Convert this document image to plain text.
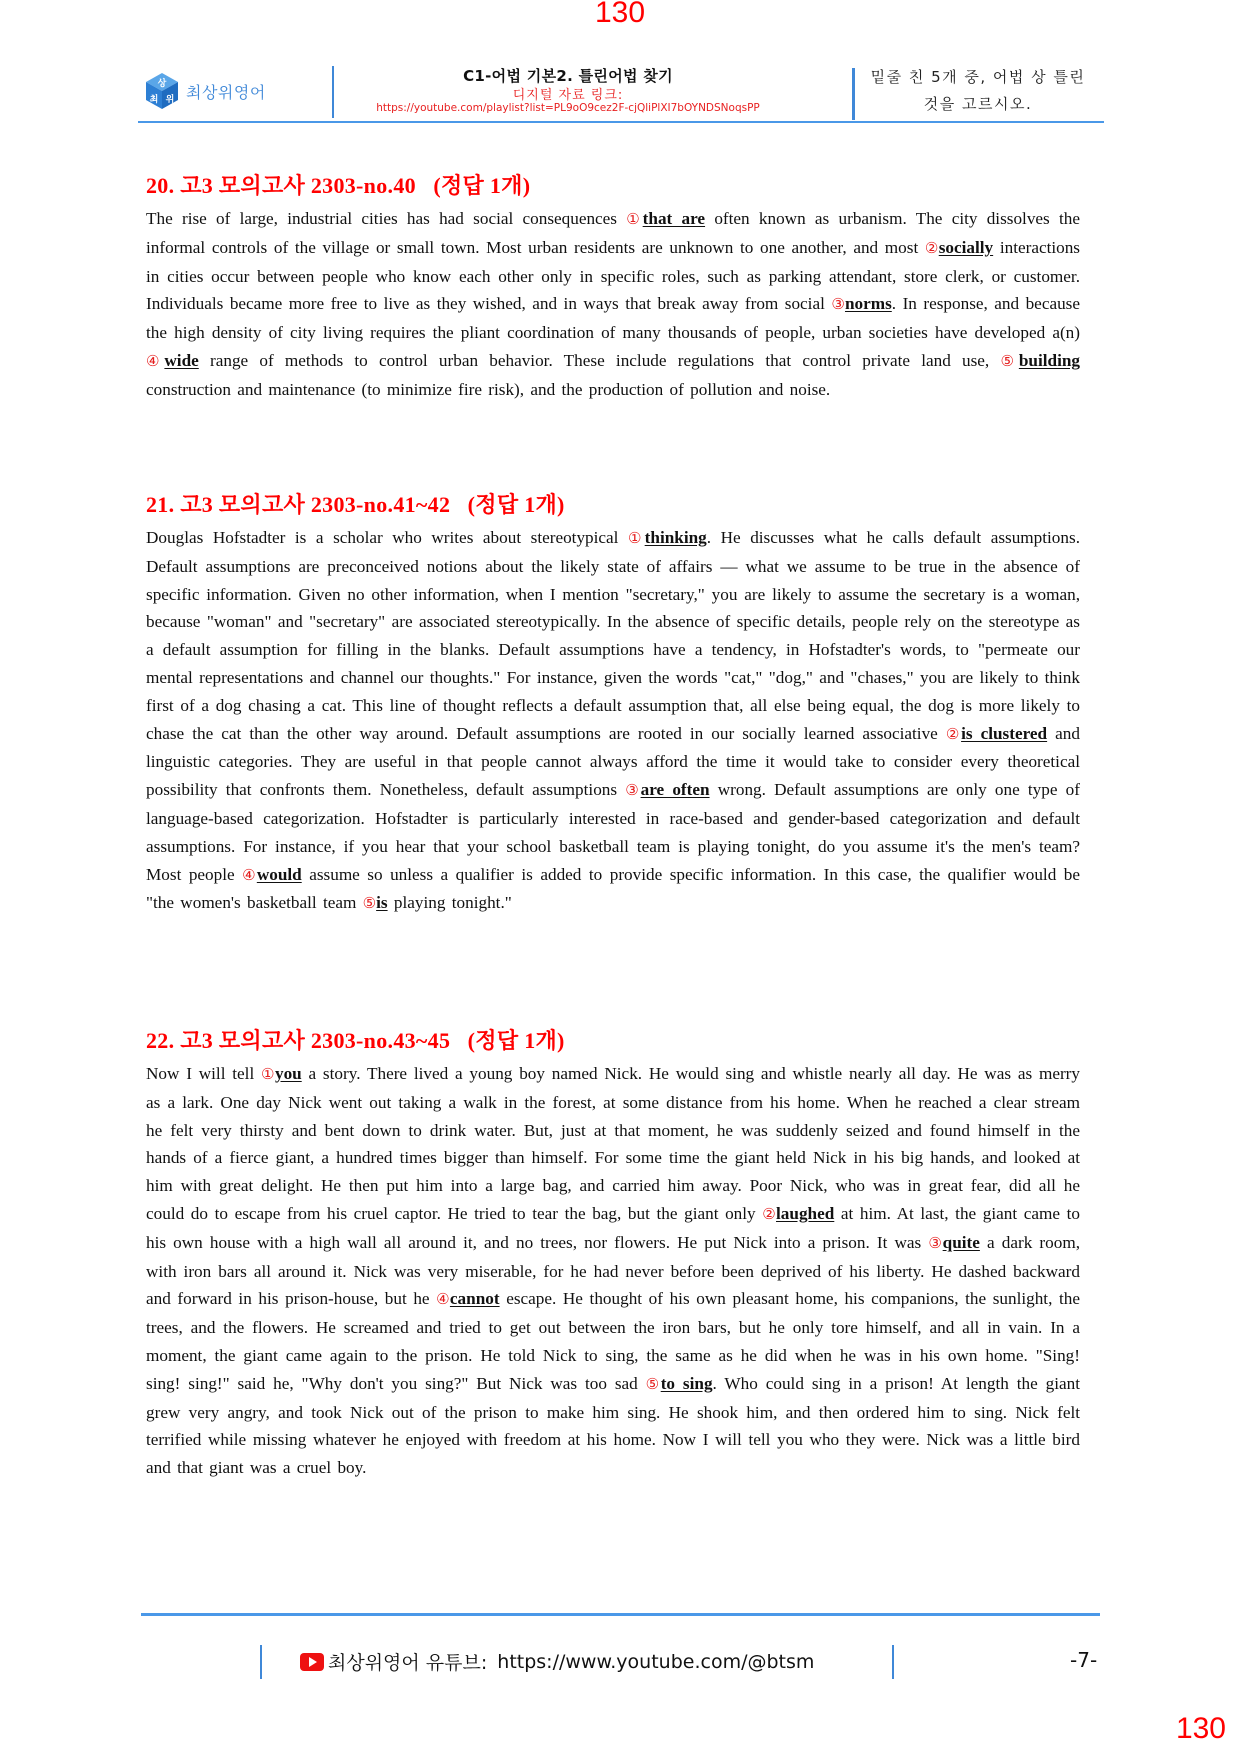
130
상
최 위 최상위영어
C1-어법 기본2. 틀린어법 찾기
디지털 자료 링크:
https://youtube.com/playlist?list=PL9oO9cez2F-cjQliPlXI7bOYNDSNoqsPP
밑줄 친 5개 중, 어법 상 틀린
것을 고르시오.
20. 고3 모의고사 2303-no.40   (정답 1개)

The rise of large, industrial cities has had social consequences ①that are often known as urbanism. The city dissolves the informal controls of the village or small town. Most urban residents are unknown to one another, and most ②socially interactions in cities occur between people who know each other only in specific roles, such as parking attendant, store clerk, or customer. Individuals became more free to live as they wished, and in ways that break away from social ③norms. In response, and because the high density of city living requires the pliant coordination of many thousands of people, urban societies have developed a(n) ④wide range of methods to control urban behavior. These include regulations that control private land use, ⑤building construction and maintenance (to minimize fire risk), and the production of pollution and noise.

21. 고3 모의고사 2303-no.41~42   (정답 1개)

Douglas Hofstadter is a scholar who writes about stereotypical ①thinking. He discusses what he calls default assumptions. Default assumptions are preconceived notions about the likely state of affairs — what we assume to be true in the absence of specific information. Given no other information, when I mention "secretary," you are likely to assume the secretary is a woman, because "woman" and "secretary" are associated stereotypically. In the absence of specific details, people rely on the stereotype as a default assumption for filling in the blanks. Default assumptions have a tendency, in Hofstadter's words, to "permeate our mental representations and channel our thoughts." For instance, given the words "cat," "dog," and "chases," you are likely to think first of a dog chasing a cat. This line of thought reflects a default assumption that, all else being equal, the dog is more likely to chase the cat than the other way around. Default assumptions are rooted in our socially learned associative ②is clustered and linguistic categories. They are useful in that people cannot always afford the time it would take to consider every theoretical possibility that confronts them. Nonetheless, default assumptions ③are often wrong. Default assumptions are only one type of language-based categorization. Hofstadter is particularly interested in race-based and gender-based categorization and default assumptions. For instance, if you hear that your school basketball team is playing tonight, do you assume it's the men's team? Most people ④would assume so unless a qualifier is added to provide specific information. In this case, the qualifier would be "the women's basketball team ⑤is playing tonight."

22. 고3 모의고사 2303-no.43~45   (정답 1개)

Now I will tell ①you a story. There lived a young boy named Nick. He would sing and whistle nearly all day. He was as merry as a lark. One day Nick went out taking a walk in the forest, at some distance from his home. When he reached a clear stream he felt very thirsty and bent down to drink water. But, just at that moment, he was suddenly seized and found himself in the hands of a fierce giant, a hundred times bigger than himself. For some time the giant held Nick in his big hands, and looked at him with great delight. He then put him into a large bag, and carried him away. Poor Nick, who was in great fear, did all he could do to escape from his cruel captor. He tried to tear the bag, but the giant only ②laughed at him. At last, the giant came to his own house with a high wall all around it, and no trees, nor flowers. He put Nick into a prison. It was ③quite a dark room, with iron bars all around it. Nick was very miserable, for he had never before been deprived of his liberty. He dashed backward and forward in his prison-house, but he ④cannot escape. He thought of his own pleasant home, his companions, the sunlight, the trees, and the flowers. He screamed and tried to get out between the iron bars, but he only tore himself, and all in vain. In a moment, the giant came again to the prison. He told Nick to sing, the same as he did when he was in his own home. "Sing! sing! sing!" said he, "Why don't you sing?" But Nick was too sad ⑤to sing. Who could sing in a prison! At length the giant grew very angry, and took Nick out of the prison to make him sing. He shook him, and then ordered him to sing. Nick felt terrified while missing whatever he enjoyed with freedom at his home. Now I will tell you who they were. Nick was a little bird and that giant was a cruel boy.

최상위영어 유튜브: https://www.youtube.com/@btsm	-7-
130
